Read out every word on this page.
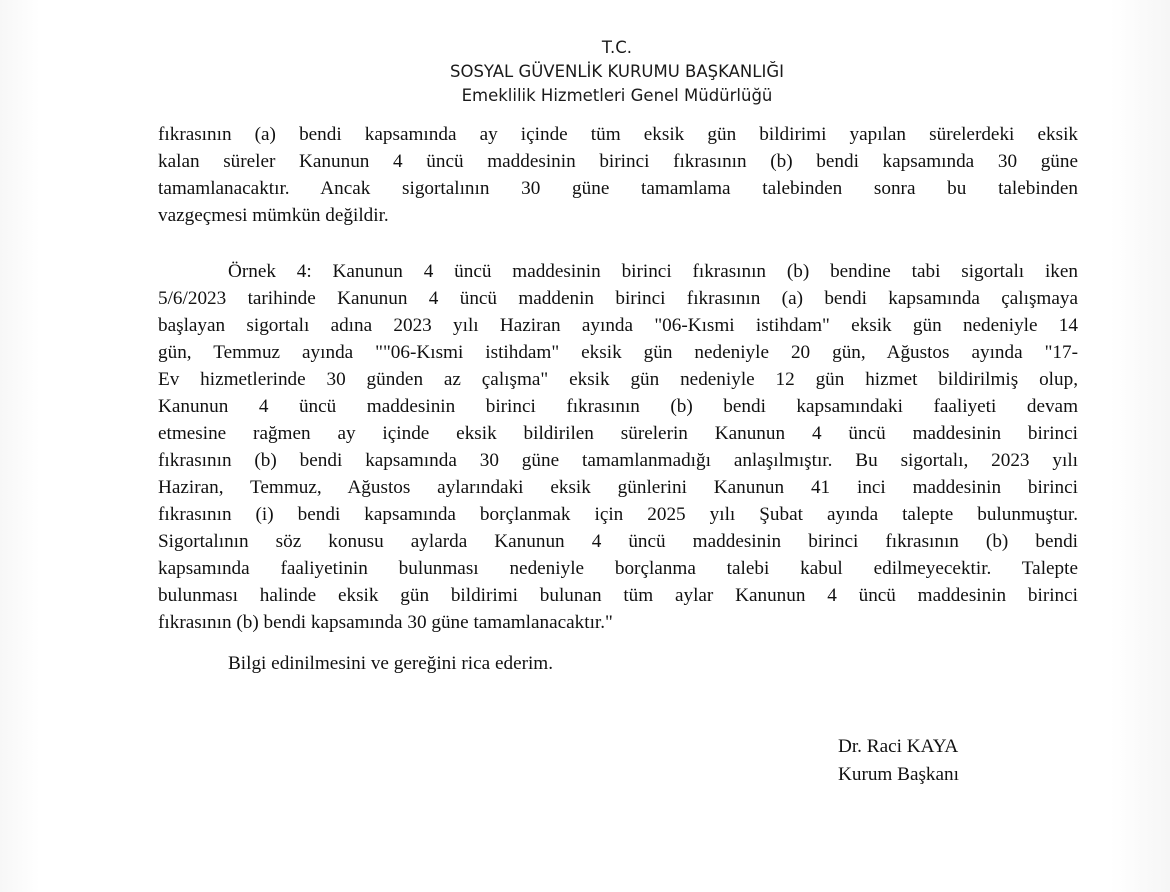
T.C.
SOSYAL GÜVENLİK KURUMU BAŞKANLIĞI
Emeklilik Hizmetleri Genel Müdürlüğü
fıkrasının (a) bendi kapsamında ay içinde tüm eksik gün bildirimi yapılan sürelerdeki eksik
kalan süreler Kanunun 4 üncü maddesinin birinci fıkrasının (b) bendi kapsamında 30 güne
tamamlanacaktır. Ancak sigortalının 30 güne tamamlama talebinden sonra bu talebinden
vazgeçmesi mümkün değildir.
Örnek 4: Kanunun 4 üncü maddesinin birinci fıkrasının (b) bendine tabi sigortalı iken
5/6/2023 tarihinde Kanunun 4 üncü maddenin birinci fıkrasının (a) bendi kapsamında çalışmaya
başlayan sigortalı adına 2023 yılı Haziran ayında "06-Kısmi istihdam" eksik gün nedeniyle 14
gün, Temmuz ayında ""06-Kısmi istihdam" eksik gün nedeniyle 20 gün, Ağustos ayında "17-
Ev hizmetlerinde 30 günden az çalışma" eksik gün nedeniyle 12 gün hizmet bildirilmiş olup,
Kanunun 4 üncü maddesinin birinci fıkrasının (b) bendi kapsamındaki faaliyeti devam
etmesine rağmen ay içinde eksik bildirilen sürelerin Kanunun 4 üncü maddesinin birinci
fıkrasının (b) bendi kapsamında 30 güne tamamlanmadığı anlaşılmıştır. Bu sigortalı, 2023 yılı
Haziran, Temmuz, Ağustos aylarındaki eksik günlerini Kanunun 41 inci maddesinin birinci
fıkrasının (i) bendi kapsamında borçlanmak için 2025 yılı Şubat ayında talepte bulunmuştur.
Sigortalının söz konusu aylarda Kanunun 4 üncü maddesinin birinci fıkrasının (b) bendi
kapsamında faaliyetinin bulunması nedeniyle borçlanma talebi kabul edilmeyecektir. Talepte
bulunması halinde eksik gün bildirimi bulunan tüm aylar Kanunun 4 üncü maddesinin birinci
fıkrasının (b) bendi kapsamında 30 güne tamamlanacaktır."
Bilgi edinilmesini ve gereğini rica ederim.
Dr. Raci KAYA
Kurum Başkanı
